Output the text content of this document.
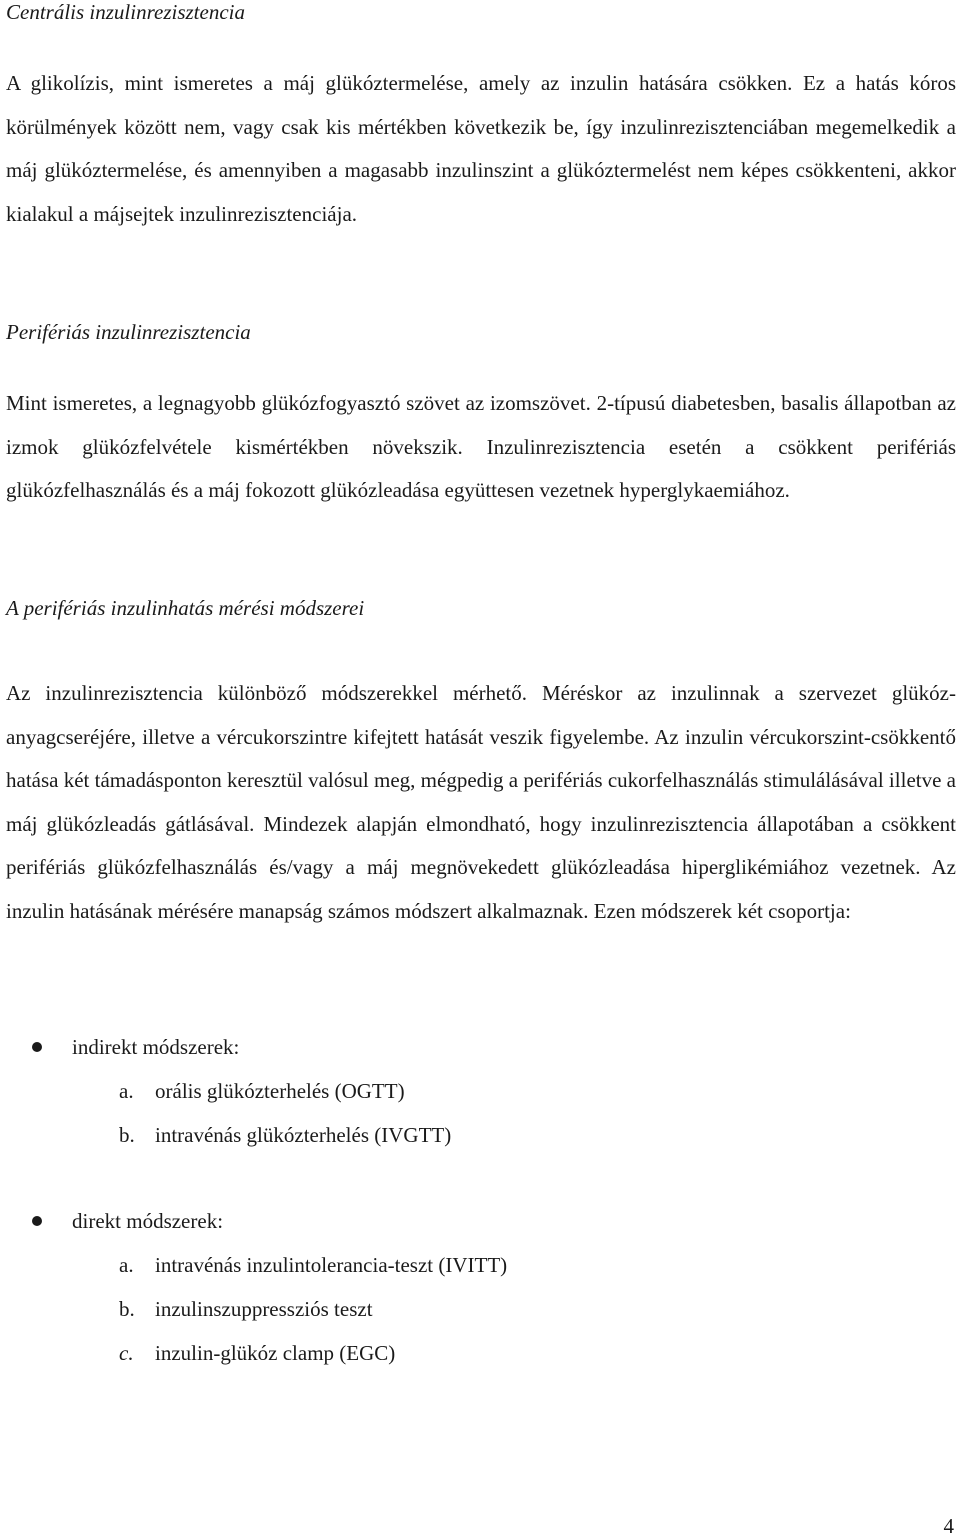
Centrális inzulinrezisztencia

A glikolízis, mint ismeretes a máj glükóztermelése, amely az inzulin hatására csökken. Ez a hatás kóros körülmények között nem, vagy csak kis mértékben következik be, így inzulinrezisztenciában megemelkedik a máj glükóztermelése, és amennyiben a magasabb inzulinszint a glükóztermelést nem képes csökkenteni, akkor kialakul a májsejtek inzulinrezisztenciája.

Perifériás inzulinrezisztencia

Mint ismeretes, a legnagyobb glükózfogyasztó szövet az izomszövet. 2-típusú diabetesben, basalis állapotban az izmok glükózfelvétele kismértékben növekszik. Inzulinrezisztencia esetén a csökkent perifériás glükózfelhasználás és a máj fokozott glükózleadása együttesen vezetnek hyperglykaemiához.

A perifériás inzulinhatás mérési módszerei

Az inzulinrezisztencia különböző módszerekkel mérhető. Méréskor az inzulinnak a szervezet glükóz-anyagcseréjére, illetve a vércukorszintre kifejtett hatását veszik figyelembe. Az inzulin vércukorszint-csökkentő hatása két támadásponton keresztül valósul meg, mégpedig a perifériás cukorfelhasználás stimulálásával illetve a máj glükózleadás gátlásával. Mindezek alapján elmondható, hogy inzulinrezisztencia állapotában a csökkent perifériás glükózfelhasználás és/vagy a máj megnövekedett glükózleadása hiperglikémiához vezetnek. Az inzulin hatásának mérésére manapság számos módszert alkalmaznak. Ezen módszerek két csoportja:

indirekt módszerek:
a. orális glükózterhelés (OGTT)
b. intravénás glükózterhelés (IVGTT)
direkt módszerek:
a. intravénás inzulintolerancia-teszt (IVITT)
b. inzulinszuppressziós teszt
c. inzulin-glükóz clamp (EGC)
4
